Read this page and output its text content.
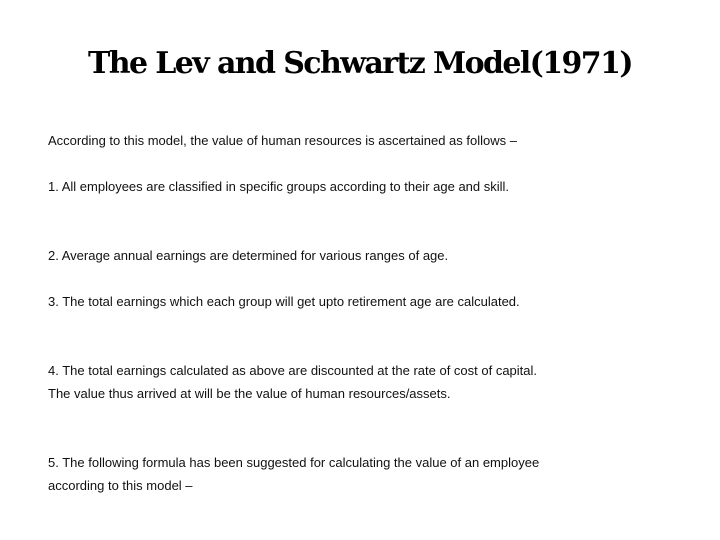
The Lev and Schwartz Model(1971)
According to this model, the value of human resources is ascertained as follows –
1. All employees are classified in specific groups according to their age and skill.
2. Average annual earnings are determined for various ranges of age.
3. The total earnings which each group will get upto retirement age are calculated.
4. The total earnings calculated as above are discounted at the rate of cost of capital. The value thus arrived at will be the value of human resources/assets.
5. The following formula has been suggested for calculating the value of an employee according to this model –
